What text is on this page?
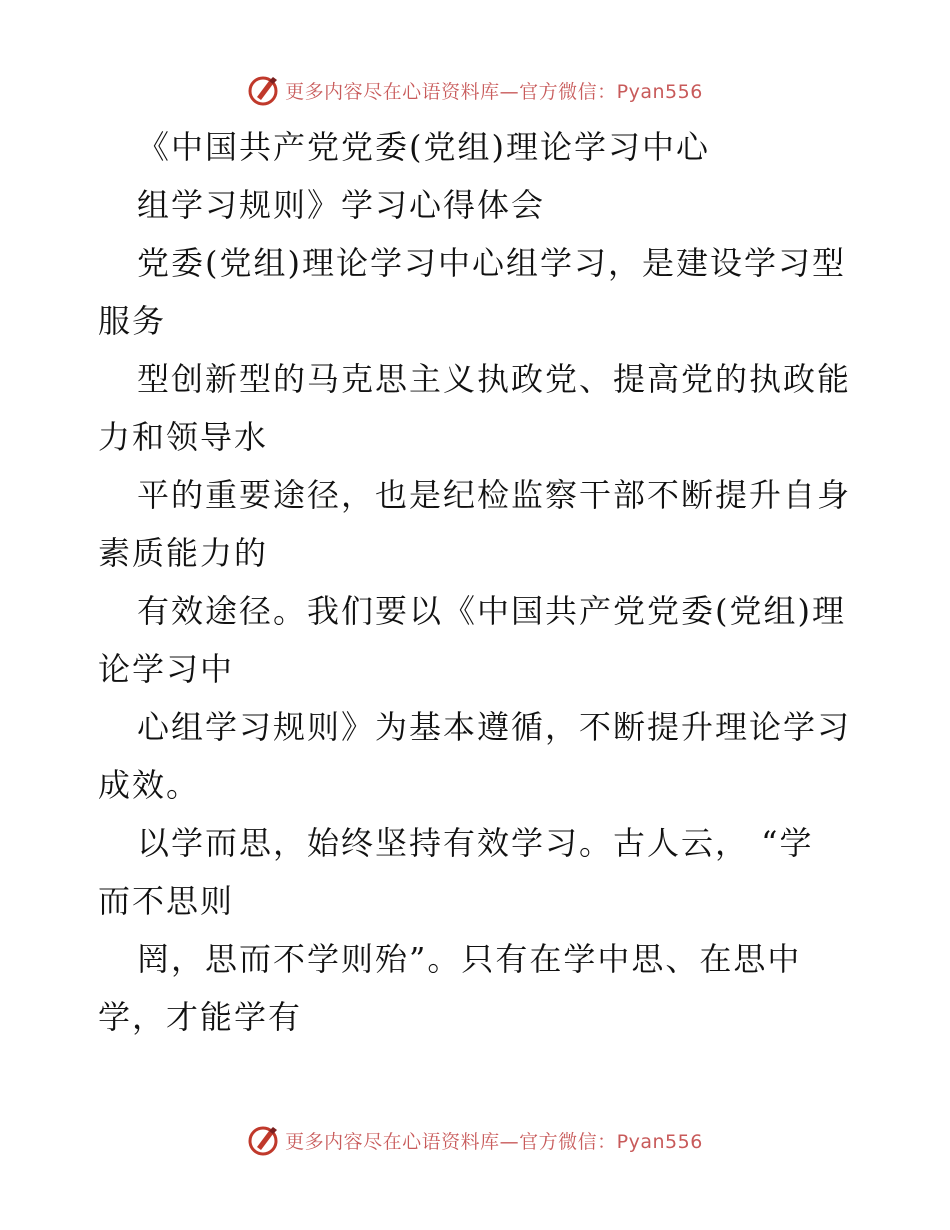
更多内容尽在心语资料库—官方微信：Pyan556
《中国共产党党委(党组)理论学习中心
组学习规则》学习心得体会
党委(党组)理论学习中心组学习，是建设学习型
服务
型创新型的马克思主义执政党、提高党的执政能
力和领导水
平的重要途径，也是纪检监察干部不断提升自身
素质能力的
有效途径。我们要以《中国共产党党委(党组)理
论学习中
心组学习规则》为基本遵循，不断提升理论学习
成效。
以学而思，始终坚持有效学习。古人云， “学
而不思则
罔，思而不学则殆”。只有在学中思、在思中
学，才能学有
更多内容尽在心语资料库—官方微信：Pyan556
